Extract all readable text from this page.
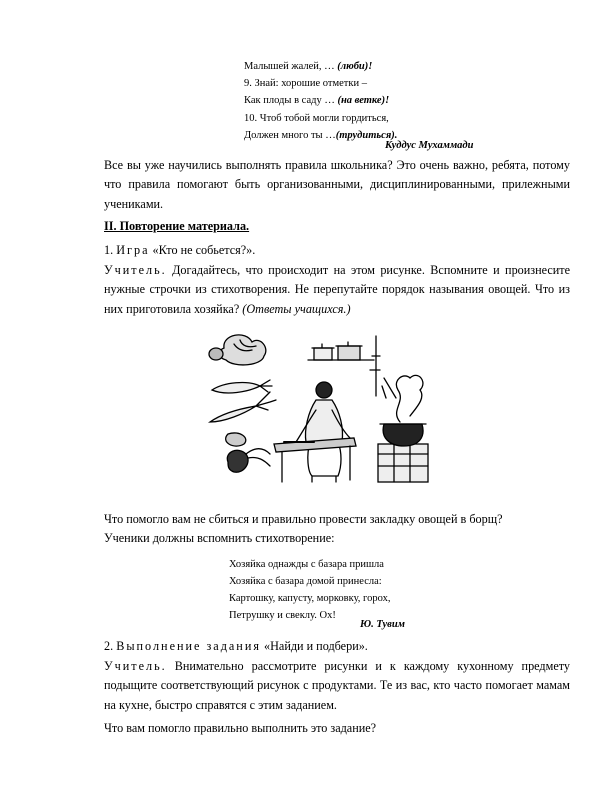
Малышей жалей, … (люби)!
9. Знай: хорошие отметки –
Как плоды в саду … (на ветке)!
10. Чтоб тобой могли гордиться,
Должен много ты …(трудиться).
Куддус Мухаммади
Все вы уже научились выполнять правила школьника? Это очень важно, ребята, потому что правила помогают быть организованными, дисциплинированными, прилежными учениками.
II. Повторение материала.
1. Игра «Кто не собьется?».
Учитель. Догадайтесь, что происходит на этом рисунке. Вспомните и произнесите нужные строчки из стихотворения. Не перепутайте порядок называния овощей. Что из них приготовила хозяйка? (Ответы учащихся.)
Что помогло вам не сбиться и правильно провести закладку овощей в борщ?
Ученики должны вспомнить стихотворение:
Хозяйка однажды с базара пришла
Хозяйка с базара домой принесла:
Картошку, капусту, морковку, горох,
Петрушку и свеклу. Ох!
Ю. Тувим
2. Выполнение задания «Найди и подбери».
Учитель. Внимательно рассмотрите рисунки и к каждому кухонному предмету подыщите соответствующий рисунок с продуктами. Те из вас, кто часто помогает мамам на кухне, быстро справятся с этим заданием.
Что вам помогло правильно выполнить это задание?
